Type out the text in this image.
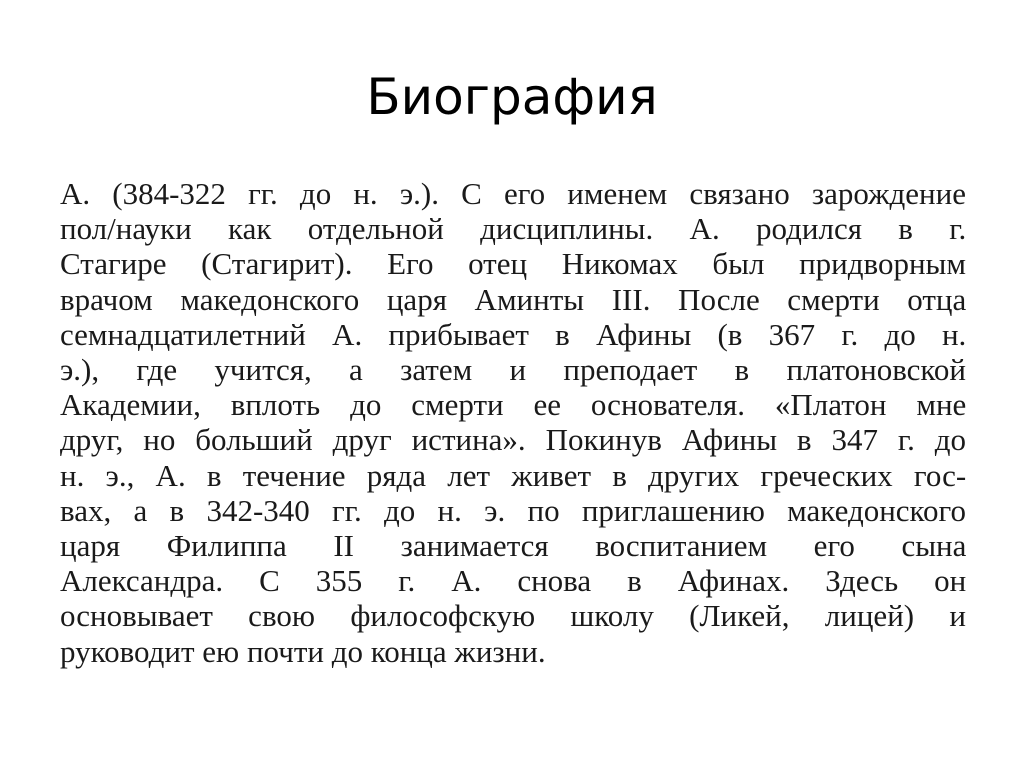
Биография
А. (384-322 гг. до н. э.). С его именем связано зарождение
пол/науки как отдельной дисциплины. А. родился в г.
Стагире (Стагирит). Его отец Никомах был придворным
врачом македонского царя Аминты III. После смерти отца
семнадцатилетний А. прибывает в Афины (в 367 г. до н.
э.), где учится, а затем и преподает в платоновской
Академии, вплоть до смерти ее основателя. «Платон мне
друг, но больший друг истина». Покинув Афины в 347 г. до
н. э., А. в течение ряда лет живет в других греческих гос-
вах, а в 342-340 гг. до н. э. по приглашению македонского
царя Филиппа II занимается воспитанием его сына
Александра. С 355 г. А. снова в Афинах. Здесь он
основывает свою философскую школу (Ликей, лицей) и
руководит ею почти до конца жизни.
